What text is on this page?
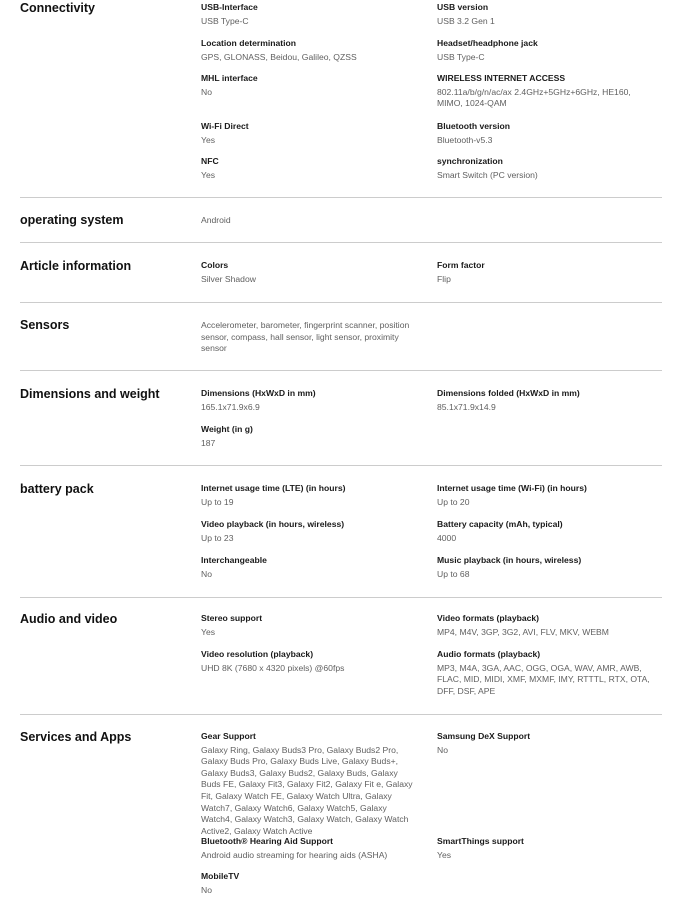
Connectivity	USB-Interface
USB Type-C
USB version
USB 3.2 Gen 1
Location determination
GPS, GLONASS, Beidou, Galileo, QZSS
Headset/headphone jack
USB Type-C
MHL interface
No
WIRELESS INTERNET ACCESS
802.11a/b/g/n/ac/ax 2.4GHz+5GHz+6GHz, HE160, MIMO, 1024-QAM
Wi-Fi Direct
Yes
Bluetooth version
Bluetooth-v5.3
NFC
Yes
synchronization
Smart Switch (PC version)
operating system	Android
Article information	Colors
Silver Shadow
Form factor
Flip
Sensors	Accelerometer, barometer, fingerprint scanner, position sensor, compass, hall sensor, light sensor, proximity sensor
Dimensions and weight	Dimensions (HxWxD in mm)
165.1x71.9x6.9
Dimensions folded (HxWxD in mm)
85.1x71.9x14.9
Weight (in g)
187
battery pack	Internet usage time (LTE) (in hours)
Up to 19
Internet usage time (Wi-Fi) (in hours)
Up to 20
Video playback (in hours, wireless)
Up to 23
Battery capacity (mAh, typical)
4000
Interchangeable
No
Music playback (in hours, wireless)
Up to 68
Audio and video	Stereo support
Yes
Video formats (playback)
MP4, M4V, 3GP, 3G2, AVI, FLV, MKV, WEBM
Video resolution (playback)
UHD 8K (7680 x 4320 pixels) @60fps
Audio formats (playback)
MP3, M4A, 3GA, AAC, OGG, OGA, WAV, AMR, AWB, FLAC, MID, MIDI, XMF, MXMF, IMY, RTTTL, RTX, OTA, DFF, DSF, APE
Services and Apps	Gear Support
Galaxy Ring, Galaxy Buds3 Pro, Galaxy Buds2 Pro, Galaxy Buds Pro, Galaxy Buds Live, Galaxy Buds+, Galaxy Buds3, Galaxy Buds2, Galaxy Buds, Galaxy Buds FE, Galaxy Fit3, Galaxy Fit2, Galaxy Fit e, Galaxy Fit, Galaxy Watch FE, Galaxy Watch Ultra, Galaxy Watch7, Galaxy Watch6, Galaxy Watch5, Galaxy Watch4, Galaxy Watch3, Galaxy Watch, Galaxy Watch Active2, Galaxy Watch Active
Samsung DeX Support
No
Bluetooth® Hearing Aid Support
Android audio streaming for hearing aids (ASHA)
SmartThings support
Yes
MobileTV
No
